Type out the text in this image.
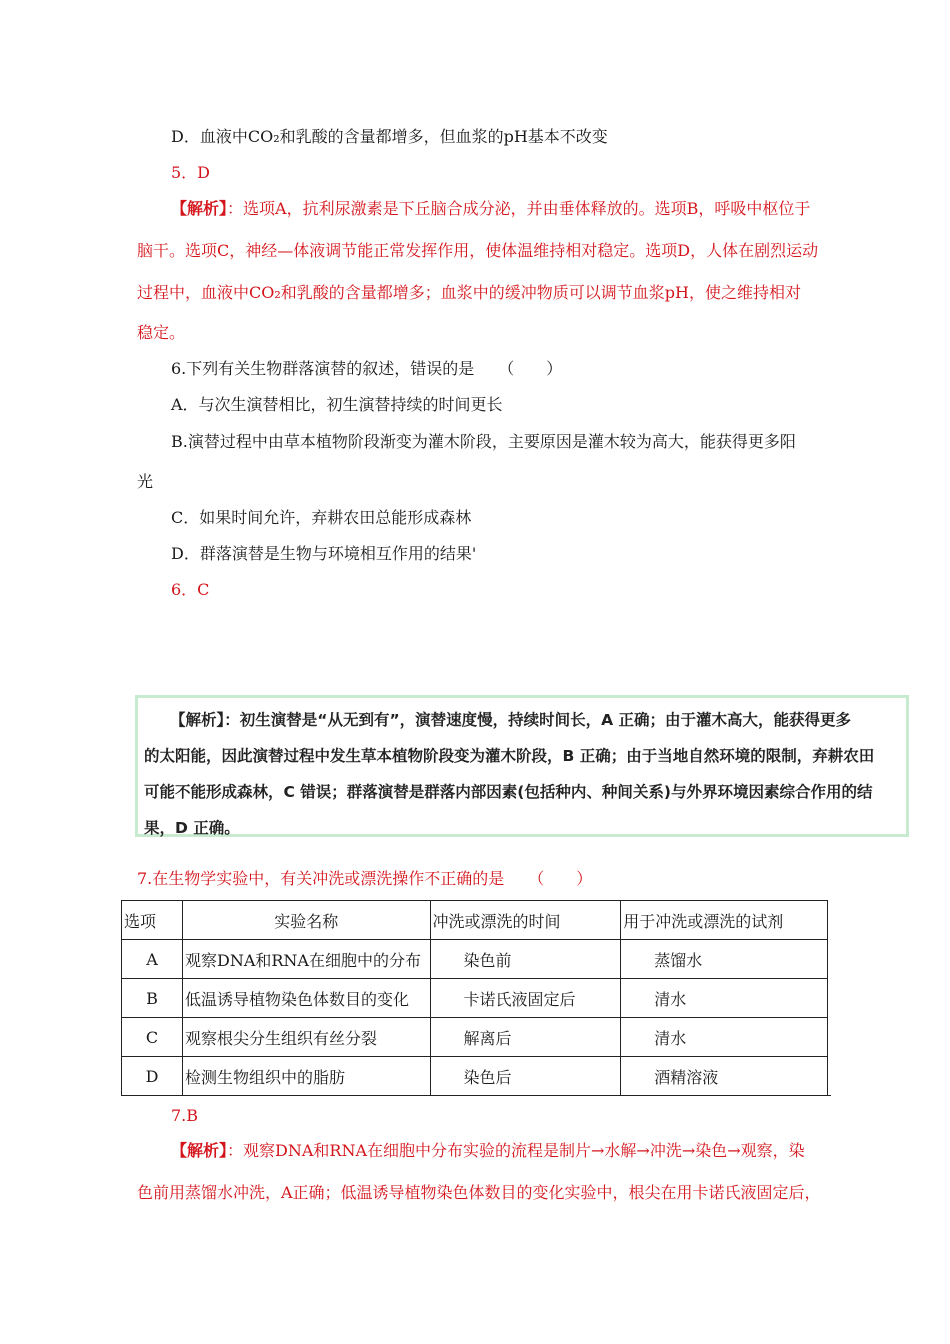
D．血液中CO₂和乳酸的含量都增多，但血浆的pH基本不改变
5．D
【解析】：选项A，抗利尿激素是下丘脑合成分泌，并由垂体释放的。选项B，呼吸中枢位于
脑干。选项C，神经—体液调节能正常发挥作用，使体温维持相对稳定。选项D，人体在剧烈运动
过程中，血液中CO₂和乳酸的含量都增多；血浆中的缓冲物质可以调节血浆pH，使之维持相对
稳定。
6.下列有关生物群落演替的叙述，错误的是　　（　　）
A．与次生演替相比，初生演替持续的时间更长
B.演替过程中由草本植物阶段渐变为灌木阶段，主要原因是灌木较为高大，能获得更多阳
光
C．如果时间允许，弃耕农田总能形成森林
D．群落演替是生物与环境相互作用的结果'
6．C

【解析】：初生演替是“从无到有”，演替速度慢，持续时间长，A 正确；由于灌木高大，能获得更多

的太阳能，因此演替过程中发生草本植物阶段变为灌木阶段，B 正确；由于当地自然环境的限制，弃耕农田

可能不能形成森林，C 错误；群落演替是群落内部因素(包括种内、种间关系)与外界环境因素综合作用的结

果，D 正确。

7.在生物学实验中，有关冲洗或漂洗操作不正确的是　　（　　）
选项	实验名称	冲洗或漂洗的时间	用于冲洗或漂洗的试剂
A	观察DNA和RNA在细胞中的分布	染色前	蒸馏水
B	低温诱导植物染色体数目的变化	卡诺氏液固定后	清水
C	观察根尖分生组织有丝分裂	解离后	清水
D	检测生物组织中的脂肪	染色后	酒精溶液
7.B
【解析】：观察DNA和RNA在细胞中分布实验的流程是制片→水解→冲洗→染色→观察，染
色前用蒸馏水冲洗，A正确；低温诱导植物染色体数目的变化实验中，根尖在用卡诺氏液固定后，
